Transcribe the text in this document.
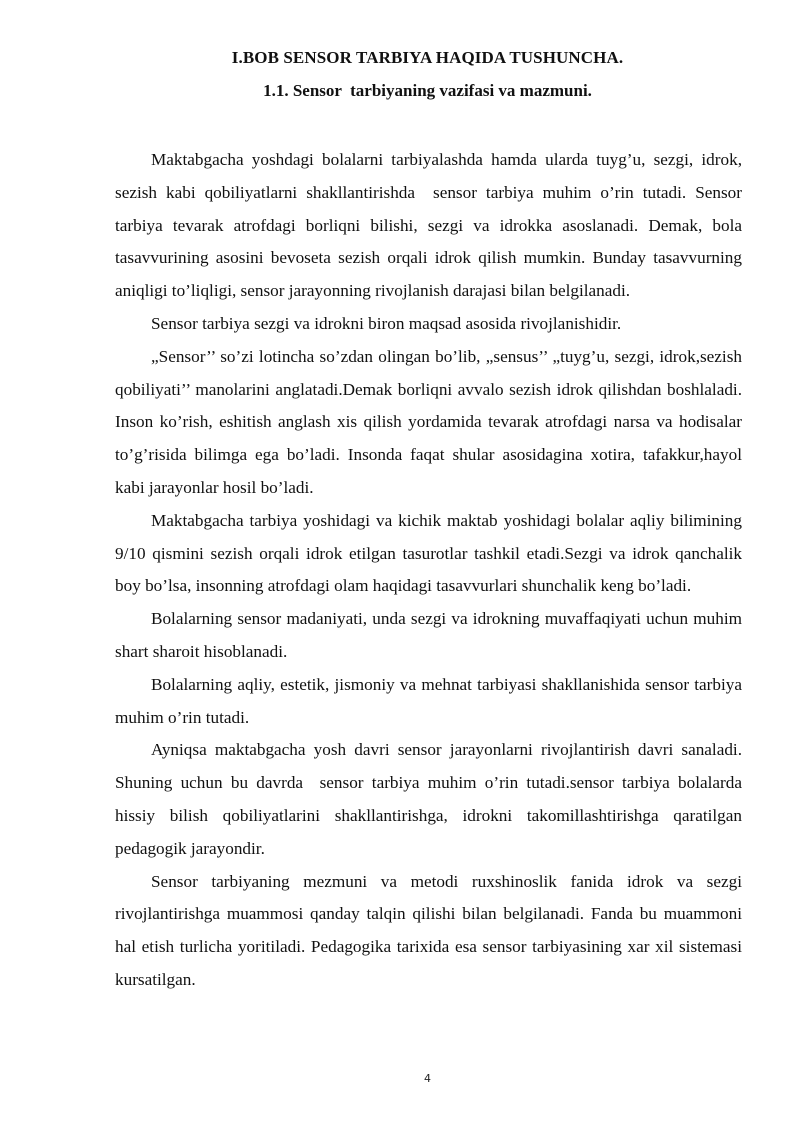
I.BOB SENSOR TARBIYA HAQIDA TUSHUNCHA.
1.1. Sensor  tarbiyaning vazifasi va mazmuni.

Maktabgacha yoshdagi bolalarni tarbiyalashda hamda ularda tuyg’u, sezgi, idrok, sezish kabi qobiliyatlarni shakllantirishda  sensor tarbiya muhim o’rin tutadi. Sensor tarbiya tevarak atrofdagi borliqni bilishi, sezgi va idrokka asoslanadi. Demak, bola tasavvurining asosini bevoseta sezish orqali idrok qilish mumkin. Bunday tasavvurning aniqligi to’liqligi, sensor jarayonning rivojlanish darajasi bilan belgilanadi.

Sensor tarbiya sezgi va idrokni biron maqsad asosida rivojlanishidir.

„Sensor’’ so’zi lotincha so’zdan olingan bo’lib, „sensus’’ „tuyg’u, sezgi, idrok,sezish qobiliyati’’ manolarini anglatadi.Demak borliqni avvalo sezish idrok qilishdan boshlaladi. Inson ko’rish, eshitish anglash xis qilish yordamida tevarak atrofdagi narsa va hodisalar to’g’risida bilimga ega bo’ladi. Insonda faqat shular asosidagina xotira, tafakkur,hayol kabi jarayonlar hosil bo’ladi.

Maktabgacha tarbiya yoshidagi va kichik maktab yoshidagi bolalar aqliy bilimining 9/10 qismini sezish orqali idrok etilgan tasurotlar tashkil etadi.Sezgi va idrok qanchalik boy bo’lsa, insonning atrofdagi olam haqidagi tasavvurlari shunchalik keng bo’ladi.

Bolalarning sensor madaniyati, unda sezgi va idrokning muvaffaqiyati uchun muhim shart sharoit hisoblanadi.

Bolalarning aqliy, estetik, jismoniy va mehnat tarbiyasi shakllanishida sensor tarbiya muhim o’rin tutadi.

Ayniqsa maktabgacha yosh davri sensor jarayonlarni rivojlantirish davri sanaladi. Shuning uchun bu davrda  sensor tarbiya muhim o’rin tutadi.sensor tarbiya bolalarda hissiy bilish qobiliyatlarini shakllantirishga, idrokni takomillashtirishga qaratilgan pedagogik jarayondir.

Sensor tarbiyaning mezmuni va metodi ruxshinoslik fanida idrok va sezgi rivojlantirishga muammosi qanday talqin qilishi bilan belgilanadi. Fanda bu muammoni hal etish turlicha yoritiladi. Pedagogika tarixida esa sensor tarbiyasining xar xil sistemasi kursatilgan.

4
